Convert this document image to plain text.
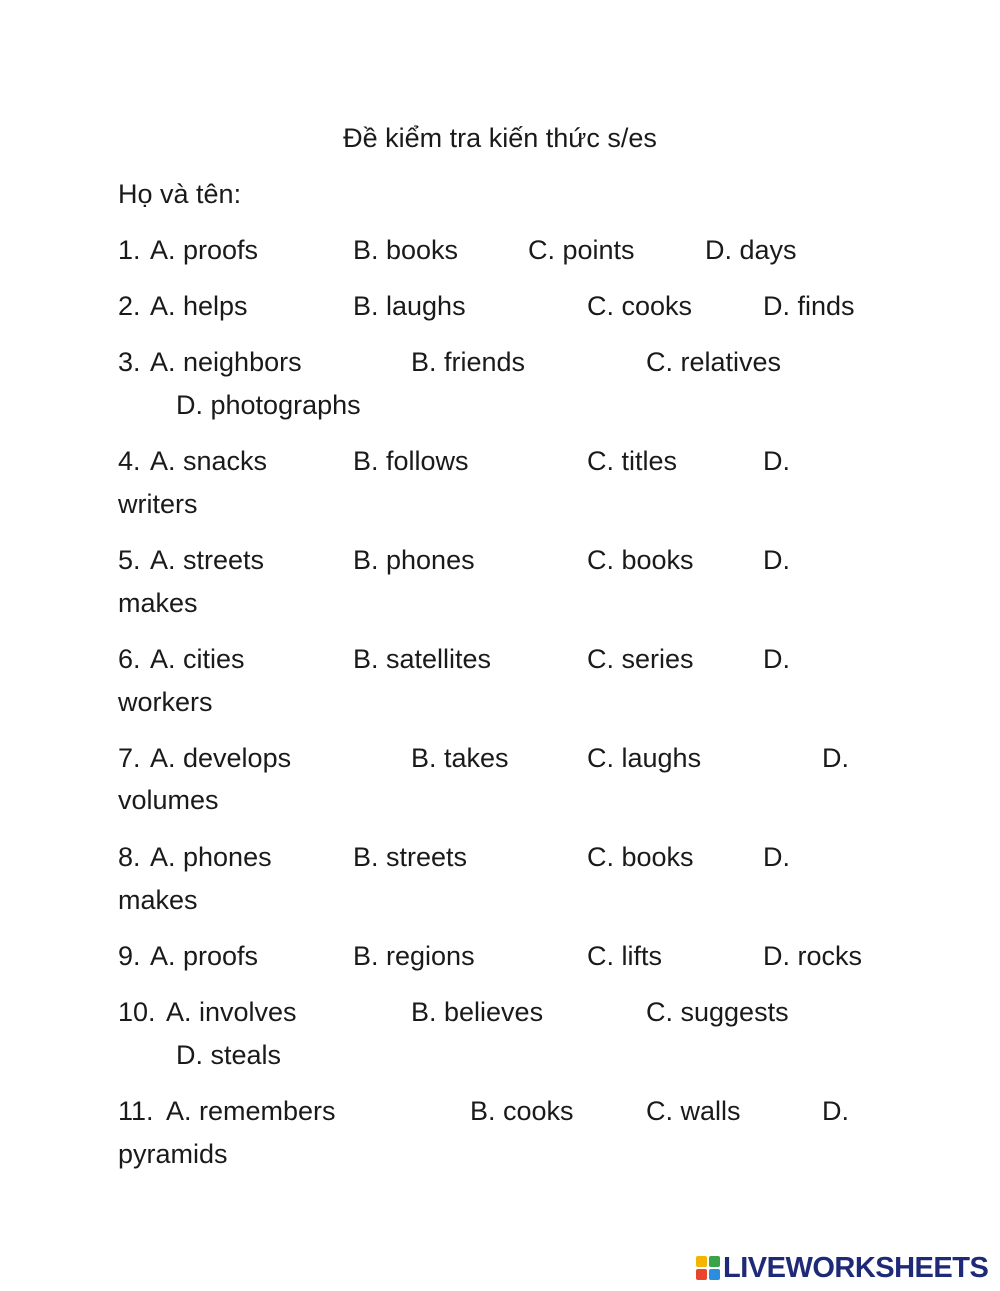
Đề kiểm tra kiến thức s/es
Họ và tên:
1. A. proofs	B. books	C. points	D. days
2. A. helps	B. laughs	C. cooks	D. finds
3. A. neighbors	B. friends	C. relatives
D. photographs
4. A. snacks	B. follows	C. titles	D.
writers
5. A. streets	B. phones	C. books	D.
makes
6. A. cities	B. satellites	C. series	D.
workers
7. A. develops	B. takes	C. laughs	D.
volumes
8. A. phones	B. streets	C. books	D.
makes
9. A. proofs	B. regions	C. lifts	D. rocks
10. A. involves	B. believes	C. suggests
D. steals
11. A. remembers	B. cooks	C. walls	D.
pyramids
LIVEWORKSHEETS
